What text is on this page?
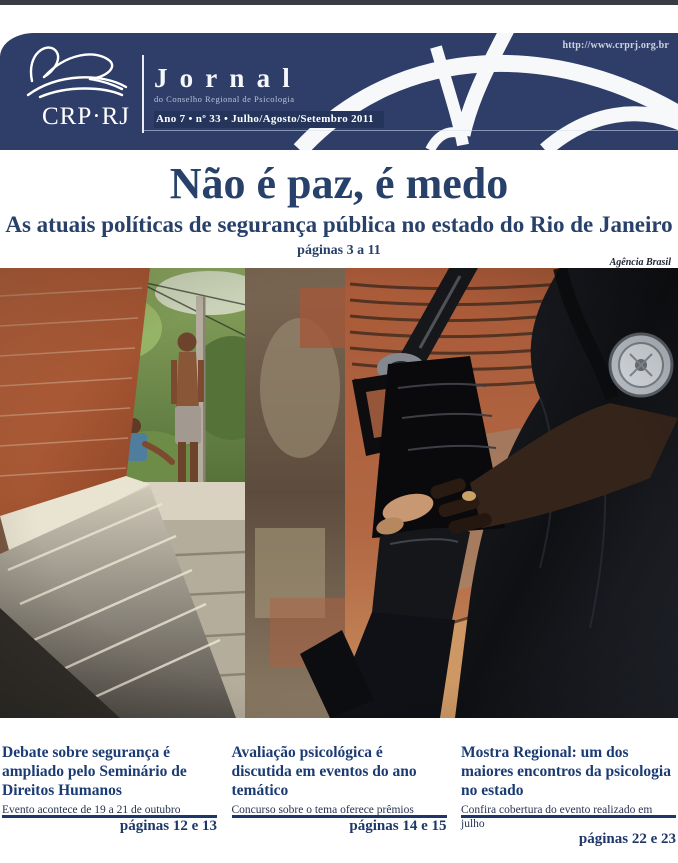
http://www.crprj.org.br
CRP·RJ
Jornal
do Conselho Regional de Psicologia
Ano 7 • nº 33 • Julho/Agosto/Setembro 2011
Não é paz, é medo
As atuais políticas de segurança pública no estado do Rio de Janeiro
páginas 3 a 11
Agência Brasil
Debate sobre segurança é ampliado pelo Seminário de Direitos Humanos
Evento acontece de 19 a 21 de outubro
páginas 12 e 13
Avaliação psicológica é discutida em eventos do ano temático
Concurso sobre o tema oferece prêmios
páginas 14 e 15
Mostra Regional: um dos maiores encontros da psicologia no estado
Confira cobertura do evento realizado em julho
páginas 22 e 23
